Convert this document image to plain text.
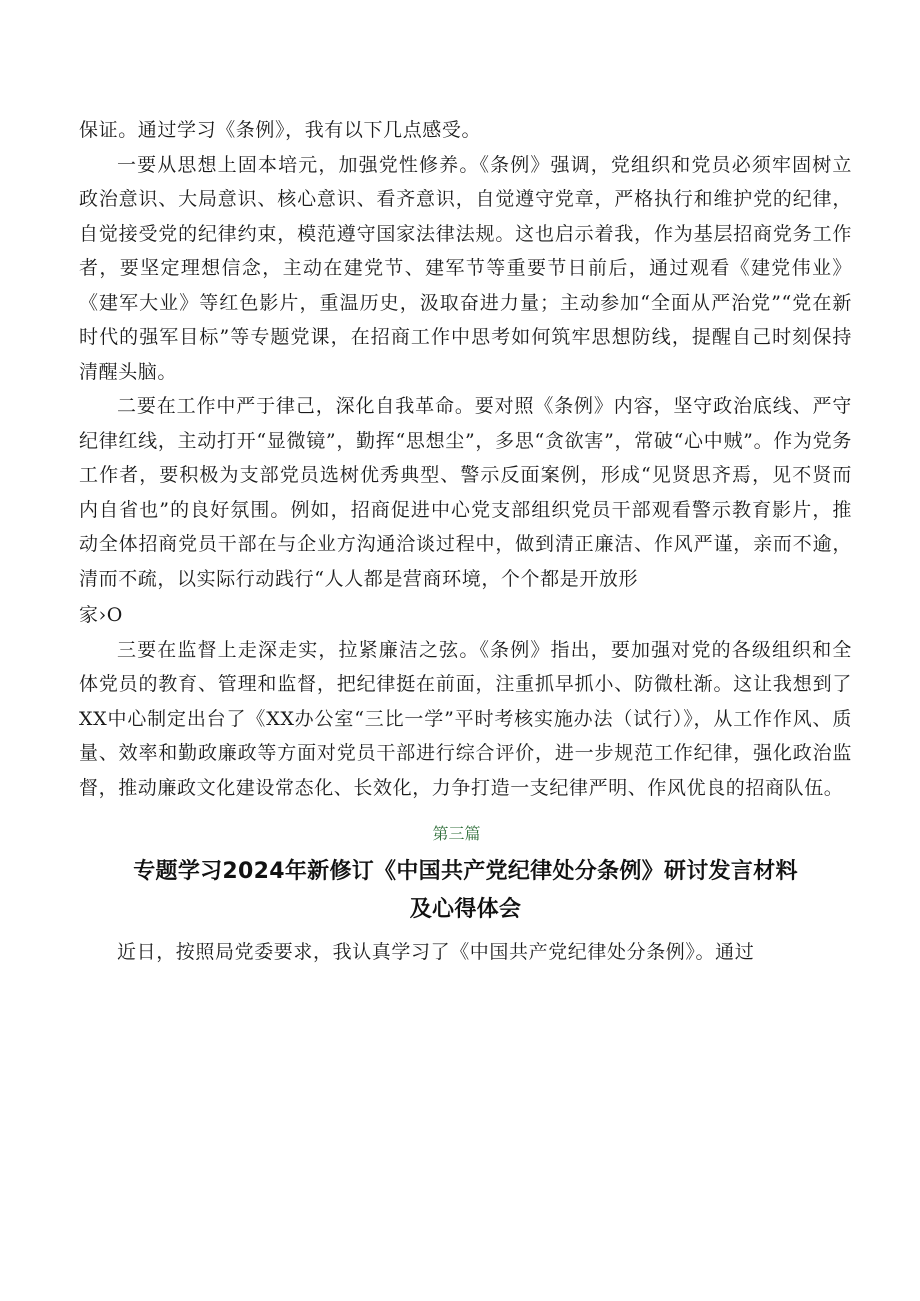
保证。通过学习《条例》，我有以下几点感受。

一要从思想上固本培元，加强党性修养。《条例》强调，党组织和党员必须牢固树立政治意识、大局意识、核心意识、看齐意识，自觉遵守党章，严格执行和维护党的纪律，自觉接受党的纪律约束，模范遵守国家法律法规。这也启示着我，作为基层招商党务工作者，要坚定理想信念，主动在建党节、建军节等重要节日前后，通过观看《建党伟业》《建军大业》等红色影片，重温历史，汲取奋进力量；主动参加“全面从严治党”“党在新时代的强军目标”等专题党课，在招商工作中思考如何筑牢思想防线，提醒自己时刻保持清醒头脑。

二要在工作中严于律己，深化自我革命。要对照《条例》内容，坚守政治底线、严守纪律红线，主动打开“显微镜”，勤挥“思想尘”，多思“贪欲害”，常破“心中贼”。作为党务工作者，要积极为支部党员选树优秀典型、警示反面案例，形成“见贤思齐焉，见不贤而内自省也”的良好氛围。例如，招商促进中心党支部组织党员干部观看警示教育影片，推动全体招商党员干部在与企业方沟通洽谈过程中，做到清正廉洁、作风严谨，亲而不逾，清而不疏，以实际行动践行“人人都是营商环境，个个都是开放形

家›O

三要在监督上走深走实，拉紧廉洁之弦。《条例》指出，要加强对党的各级组织和全体党员的教育、管理和监督，把纪律挺在前面，注重抓早抓小、防微杜渐。这让我想到了XX中心制定出台了《XX办公室“三比一学”平时考核实施办法（试行）》，从工作作风、质量、效率和勤政廉政等方面对党员干部进行综合评价，进一步规范工作纪律，强化政治监督，推动廉政文化建设常态化、长效化，力争打造一支纪律严明、作风优良的招商队伍。

第三篇
专题学习2024年新修订《中国共产党纪律处分条例》研讨发言材料
及心得体会

近日，按照局党委要求，我认真学习了《中国共产党纪律处分条例》。通过
